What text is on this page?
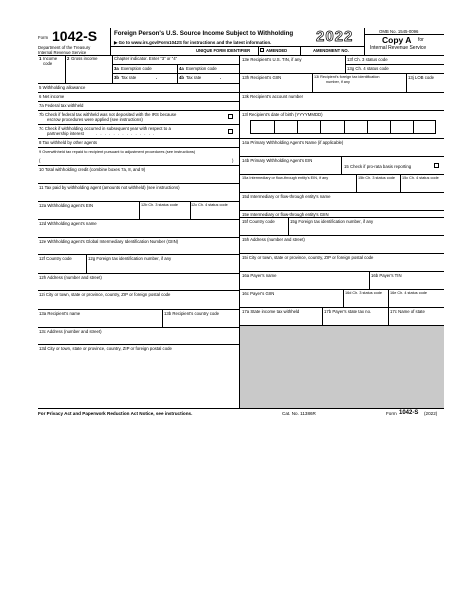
Form 1042-S
Department of the Treasury
Internal Revenue Service
Foreign Person's U.S. Source Income Subject to Withholding
▶ Go to www.irs.gov/Form1042S for instructions and the latest information.	2022	OMB No. 1545-0096
Copy A for
Internal Revenue Service
UNIQUE FORM IDENTIFIER	AMENDED	AMENDMENT NO.
1 Income code
2 Gross income	Chapter indicator. Enter “3” or “4”
3a Exemption code	4a Exemption code
3b Tax rate	.	4b Tax rate	.
5 Withholding allowance
6 Net income
7a Federal tax withheld
7b Check if federal tax withheld was not deposited with the IRS because
escrow procedures were applied (see instructions)
7c Check if withholding occurred in subsequent year with respect to a
partnership interest	. . . . . . . . . . . . . .
8 Tax withheld by other agents
9 Overwithheld tax repaid to recipient pursuant to adjustment procedures (see instructions)
(	)
10 Total withholding credit (combine boxes 7a, 8, and 9)
11 Tax paid by withholding agent (amounts not withheld) (see instructions)
12a Withholding agent's EIN	12b Ch. 3 status code	12c Ch. 4 status code
12d Withholding agent's name
12e Withholding agent's Global Intermediary Identification Number (GIIN)
12f Country code	12g Foreign tax identification number, if any
12h Address (number and street)
12i City or town, state or province, country, ZIP or foreign postal code
13a Recipient's name	13b Recipient's country code
13c Address (number and street)
13d City or town, state or province, country, ZIP or foreign postal code
13e Recipient's U.S. TIN, if any	13f Ch. 3 status code
13g Ch. 4 status code
13h Recipient's GIIN	13i Recipient's foreign tax identification
number, if any
13j LOB code
13k Recipient's account number
13l Recipient's date of birth (YYYYMMDD)
14a Primary Withholding Agent's Name (if applicable)
14b Primary Withholding Agent's EIN
15 Check if pro-rata basis reporting
15a Intermediary or flow-through entity's EIN, if any	15b Ch. 3 status code 15c Ch. 4 status code
15d Intermediary or flow-through entity's name
15e Intermediary or flow-through entity's GIIN
15f Country code	15g Foreign tax identification number, if any
15h Address (number and street)
15i City or town, state or province, country, ZIP or foreign postal code
16a Payer's name	16b Payer's TIN
16c Payer's GIIN	16d Ch. 3 status code 16e Ch. 4 status code
17a State income tax withheld	17b Payer's state tax no.	17c Name of state
For Privacy Act and Paperwork Reduction Act Notice, see instructions.	Cat. No. 11386R	Form 1042-S (2022)
